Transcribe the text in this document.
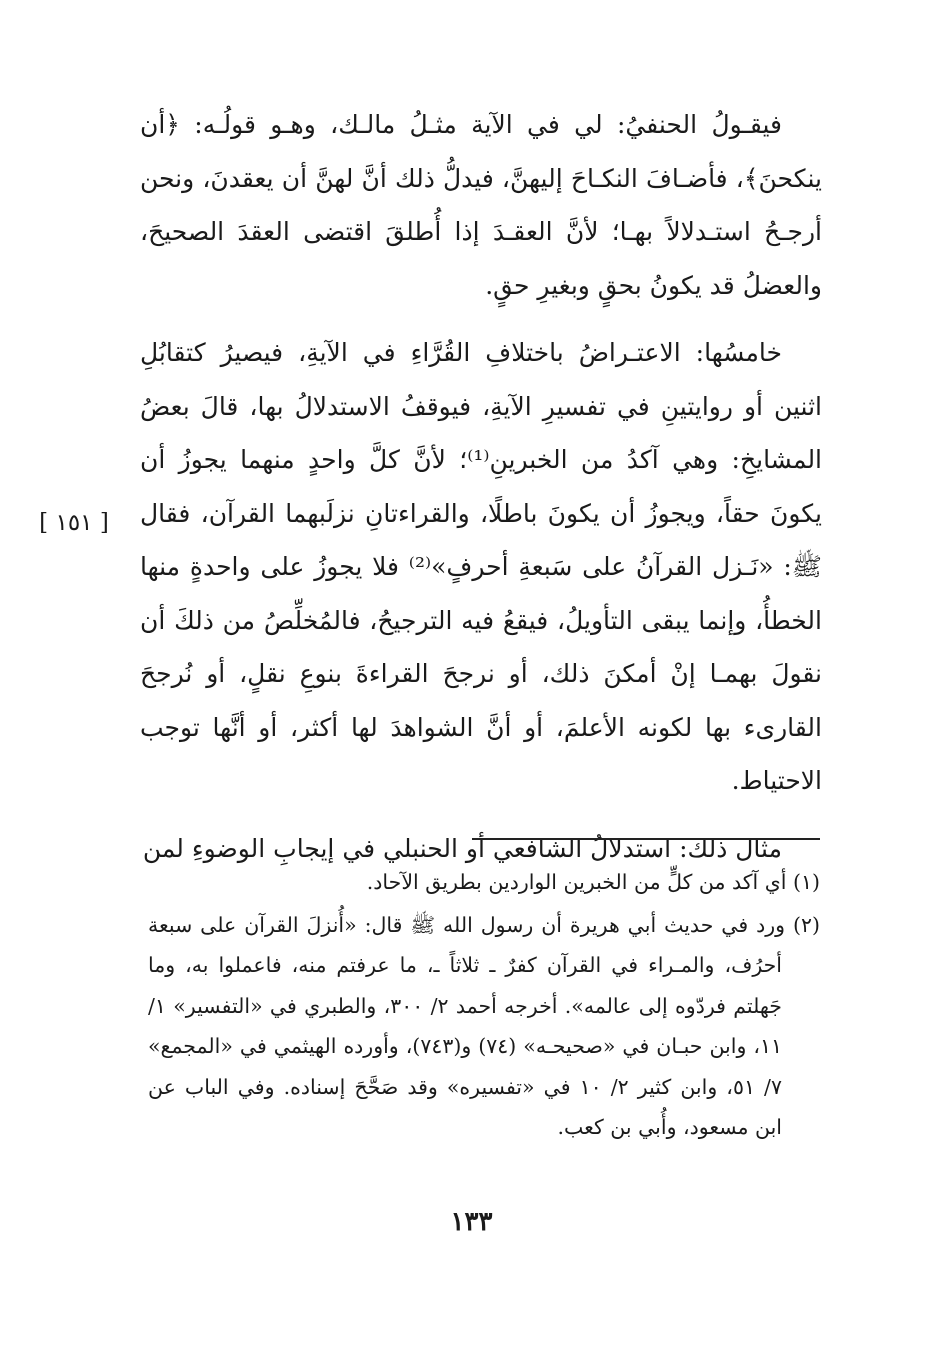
فيقـولُ الحنفيُ: لي في الآية مثـلُ مالـك، وهـو قولُـه: ﴿أن ينكحنَ﴾، فأضـافَ النكـاحَ إليهنَّ، فيدلُّ ذلك أنَّ لهنَّ أن يعقدنَ، ونحن أرجـحُ استـدلالاً بهـا؛ لأنَّ العقـدَ إذا أُطلقَ اقتضى العقدَ الصحيحَ، والعضلُ قد يكونُ بحقٍ وبغيرِ حقٍ.

خامسُها: الاعتـراضُ باختلافِ القُرَّاءِ في الآيةِ، فيصيرُ كتقابُلِ اثنين أو روايتينِ في تفسيرِ الآيةِ، فيوقفُ الاستدلالُ بها، قالَ بعضُ المشايخِ: وهي آكدُ من الخبرينِ⁽¹⁾؛ لأنَّ كلَّ واحدٍ منهما يجوزُ أن يكونَ حقاً، ويجوزُ أن يكونَ باطلًا، والقراءتانِ نزلَبهما القرآن، فقال ﷺ: «نَـزل القرآنُ على سَبعةِ أحرفٍ»⁽²⁾ فلا يجوزُ على واحدةٍ منها الخطأُ، وإنما يبقى التأويلُ، فيقعُ فيه الترجيحُ، فالمُخلِّصُ من ذلكَ أن نقولَ بهمـا إنْ أمكنَ ذلك، أو نرجحَ القراءةَ بنوعِ نقلٍ، أو نُرجحَ القارىء بها لكونه الأعلمَ، أو أنَّ الشواهدَ لها أكثر، أو أنَّها توجب الاحتياط.

مثال ذلك: استدلالُ الشافعي أو الحنبلي في إيجابِ الوضوءِ لمن

[ ١٥١ ]

(١) أي آكد من كلٍّ من الخبرين الواردين بطريق الآحاد.

(٢) ورد في حديث أبي هريرة أن رسول الله ﷺ قال: «أُنزلَ القرآن على سبعة أحرُف، والمـراء في القرآن كفرٌ ـ ثلاثاً ـ، ما عرفتم منه، فاعملوا به، وما جَهلتم فردّوه إلى عالمه». أخرجه أحمد ٢/ ٣٠٠، والطبري في «التفسير» ١/ ١١، وابن حبـان في «صحيحـه» (٧٤) و(٧٤٣)، وأورده الهيثمي في «المجمع» ٧/ ٥١، وابن كثير ٢/ ١٠ في «تفسيره» وقد صَحَّحَ إسناده. وفي الباب عن ابن مسعود، وأُبي بن كعب.

١٣٣
